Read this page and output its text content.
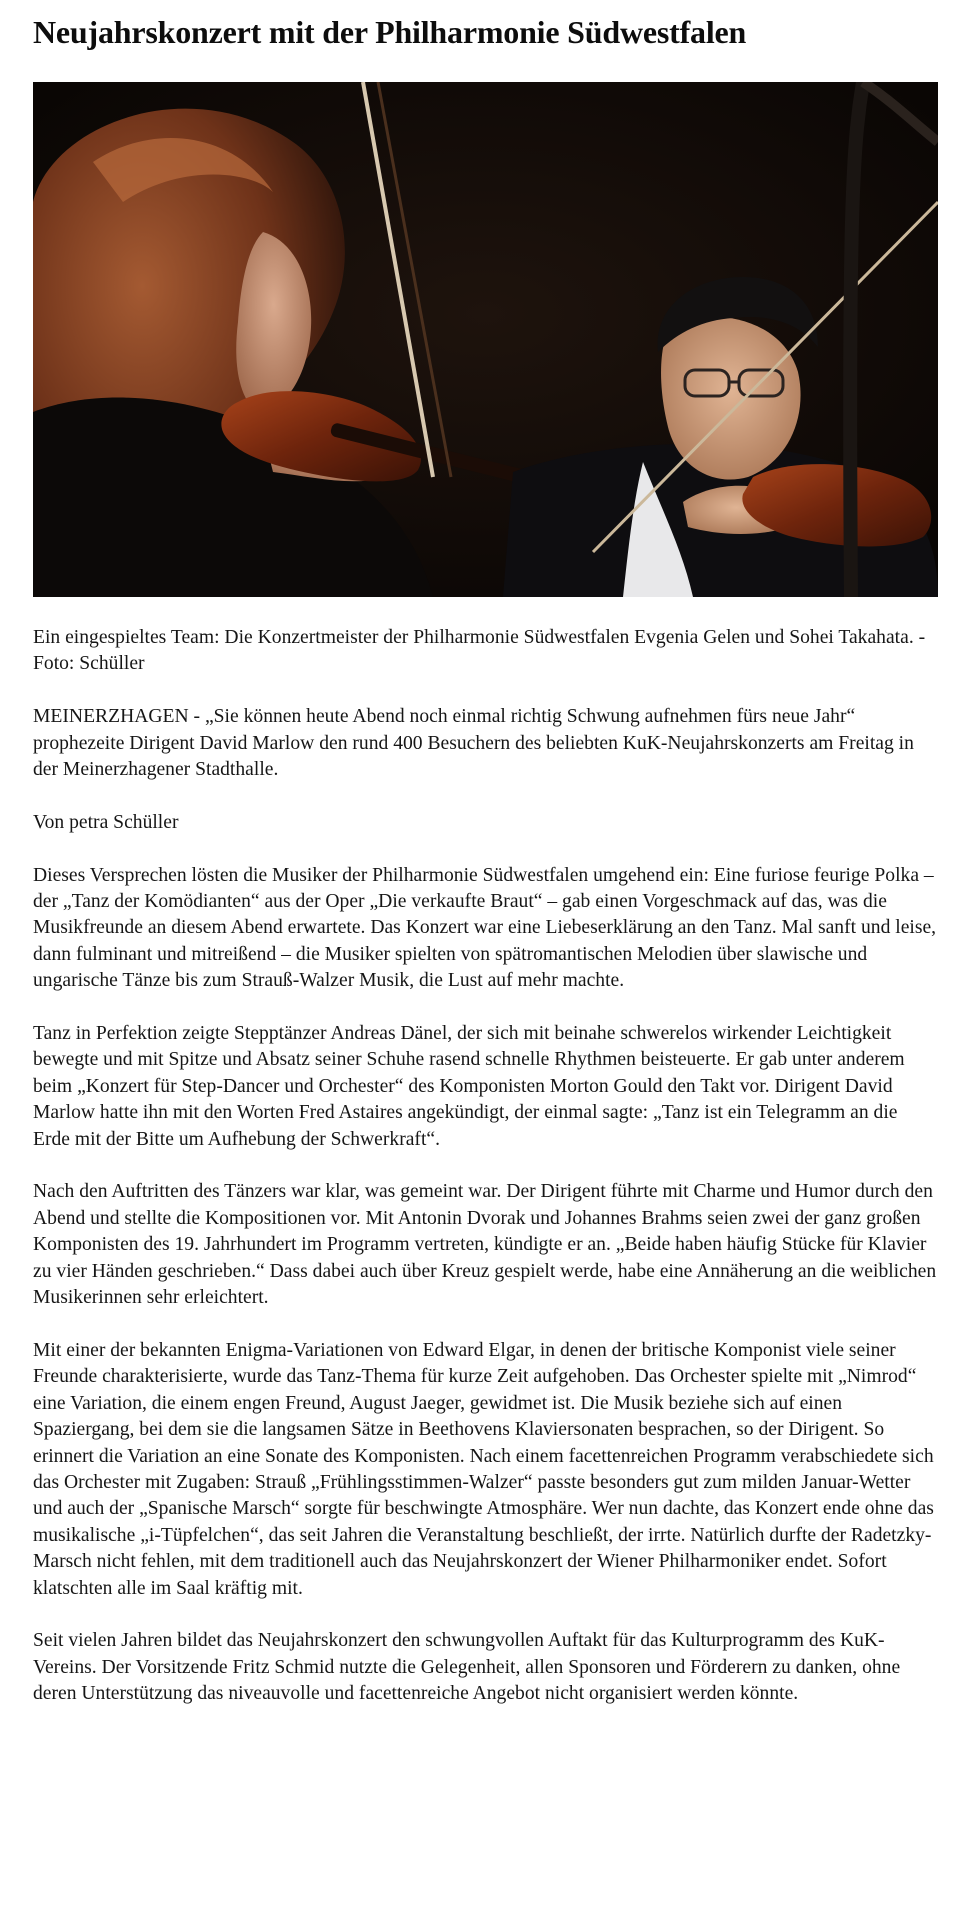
Neujahrskonzert mit der Philharmonie Südwestfalen

Ein eingespieltes Team: Die Konzertmeister der Philharmonie Südwestfalen Evgenia Gelen und Sohei Takahata. - Foto: Schüller

MEINERZHAGEN - „Sie können heute Abend noch einmal richtig Schwung aufnehmen fürs neue Jahr“ prophezeite Dirigent David Marlow den rund 400 Besuchern des beliebten KuK-Neujahrskonzerts am Freitag in der Meinerzhagener Stadthalle.

Von petra Schüller

Dieses Versprechen lösten die Musiker der Philharmonie Südwestfalen umgehend ein: Eine furiose feurige Polka – der „Tanz der Komödianten“ aus der Oper „Die verkaufte Braut“ – gab einen Vorgeschmack auf das, was die Musikfreunde an diesem Abend erwartete. Das Konzert war eine Liebeserklärung an den Tanz. Mal sanft und leise, dann fulminant und mitreißend – die Musiker spielten von spätromantischen Melodien über slawische und ungarische Tänze bis zum Strauß-Walzer Musik, die Lust auf mehr machte.

Tanz in Perfektion zeigte Stepptänzer Andreas Dänel, der sich mit beinahe schwerelos wirkender Leichtigkeit bewegte und mit Spitze und Absatz seiner Schuhe rasend schnelle Rhythmen beisteuerte. Er gab unter anderem beim „Konzert für Step-Dancer und Orchester“ des Komponisten Morton Gould den Takt vor. Dirigent David Marlow hatte ihn mit den Worten Fred Astaires angekündigt, der einmal sagte: „Tanz ist ein Telegramm an die Erde mit der Bitte um Aufhebung der Schwerkraft“.

Nach den Auftritten des Tänzers war klar, was gemeint war. Der Dirigent führte mit Charme und Humor durch den Abend und stellte die Kompositionen vor. Mit Antonin Dvorak und Johannes Brahms seien zwei der ganz großen Komponisten des 19. Jahrhundert im Programm vertreten, kündigte er an. „Beide haben häufig Stücke für Klavier zu vier Händen geschrieben.“ Dass dabei auch über Kreuz gespielt werde, habe eine Annäherung an die weiblichen Musikerinnen sehr erleichtert.

Mit einer der bekannten Enigma-Variationen von Edward Elgar, in denen der britische Komponist viele seiner Freunde charakterisierte, wurde das Tanz-Thema für kurze Zeit aufgehoben. Das Orchester spielte mit „Nimrod“ eine Variation, die einem engen Freund, August Jaeger, gewidmet ist. Die Musik beziehe sich auf einen Spaziergang, bei dem sie die langsamen Sätze in Beethovens Klaviersonaten besprachen, so der Dirigent. So erinnert die Variation an eine Sonate des Komponisten. Nach einem facettenreichen Programm verabschiedete sich das Orchester mit Zugaben: Strauß „Frühlingsstimmen-Walzer“ passte besonders gut zum milden Januar-Wetter und auch der „Spanische Marsch“ sorgte für beschwingte Atmosphäre. Wer nun dachte, das Konzert ende ohne das musikalische „i-Tüpfelchen“, das seit Jahren die Veranstaltung beschließt, der irrte. Natürlich durfte der Radetzky-Marsch nicht fehlen, mit dem traditionell auch das Neujahrskonzert der Wiener Philharmoniker endet. Sofort klatschten alle im Saal kräftig mit.

Seit vielen Jahren bildet das Neujahrskonzert den schwungvollen Auftakt für das Kulturprogramm des KuK-Vereins. Der Vorsitzende Fritz Schmid nutzte die Gelegenheit, allen Sponsoren und Förderern zu danken, ohne deren Unterstützung das niveauvolle und facettenreiche Angebot nicht organisiert werden könnte.
